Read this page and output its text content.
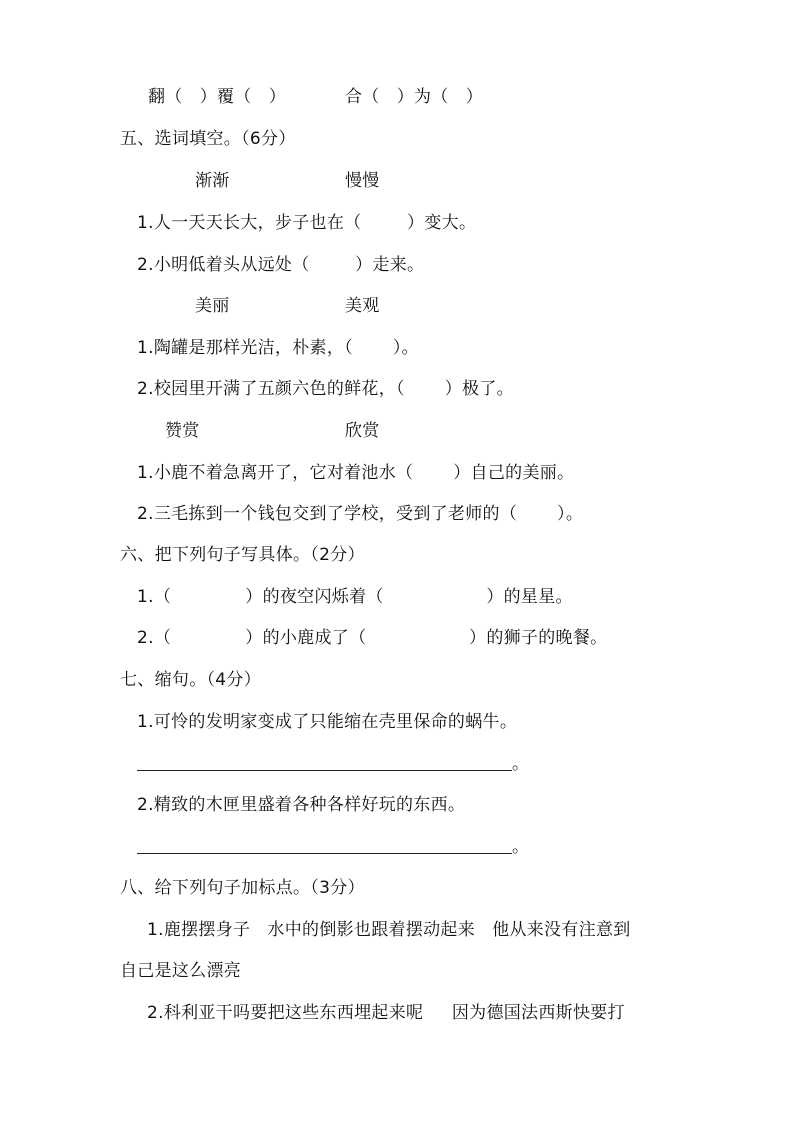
翻（   ）覆（   ）	合（   ）为（   ）
五、选词填空。（6分）
渐渐	慢慢
1.人一天天长大，步子也在（        ）变大。
2.小明低着头从远处（        ）走来。
美丽	美观
1.陶罐是那样光洁，朴素，（       ）。
2.校园里开满了五颜六色的鲜花，（       ）极了。
赞赏	欣赏
1.小鹿不着急离开了，它对着池水（       ）自己的美丽。
2.三毛拣到一个钱包交到了学校，受到了老师的（       ）。
六、把下列句子写具体。（2分）
1.（             ）的夜空闪烁着（                  ）的星星。
2.（             ）的小鹿成了（                  ）的狮子的晚餐。
七、缩句。（4分）
1.可怜的发明家变成了只能缩在壳里保命的蜗牛。
。
2.精致的木匣里盛着各种各样好玩的东西。
。
八、给下列句子加标点。（3分）
1.鹿摆摆身子   水中的倒影也跟着摆动起来   他从来没有注意到
自己是这么漂亮
2.科利亚干吗要把这些东西埋起来呢     因为德国法西斯快要打
